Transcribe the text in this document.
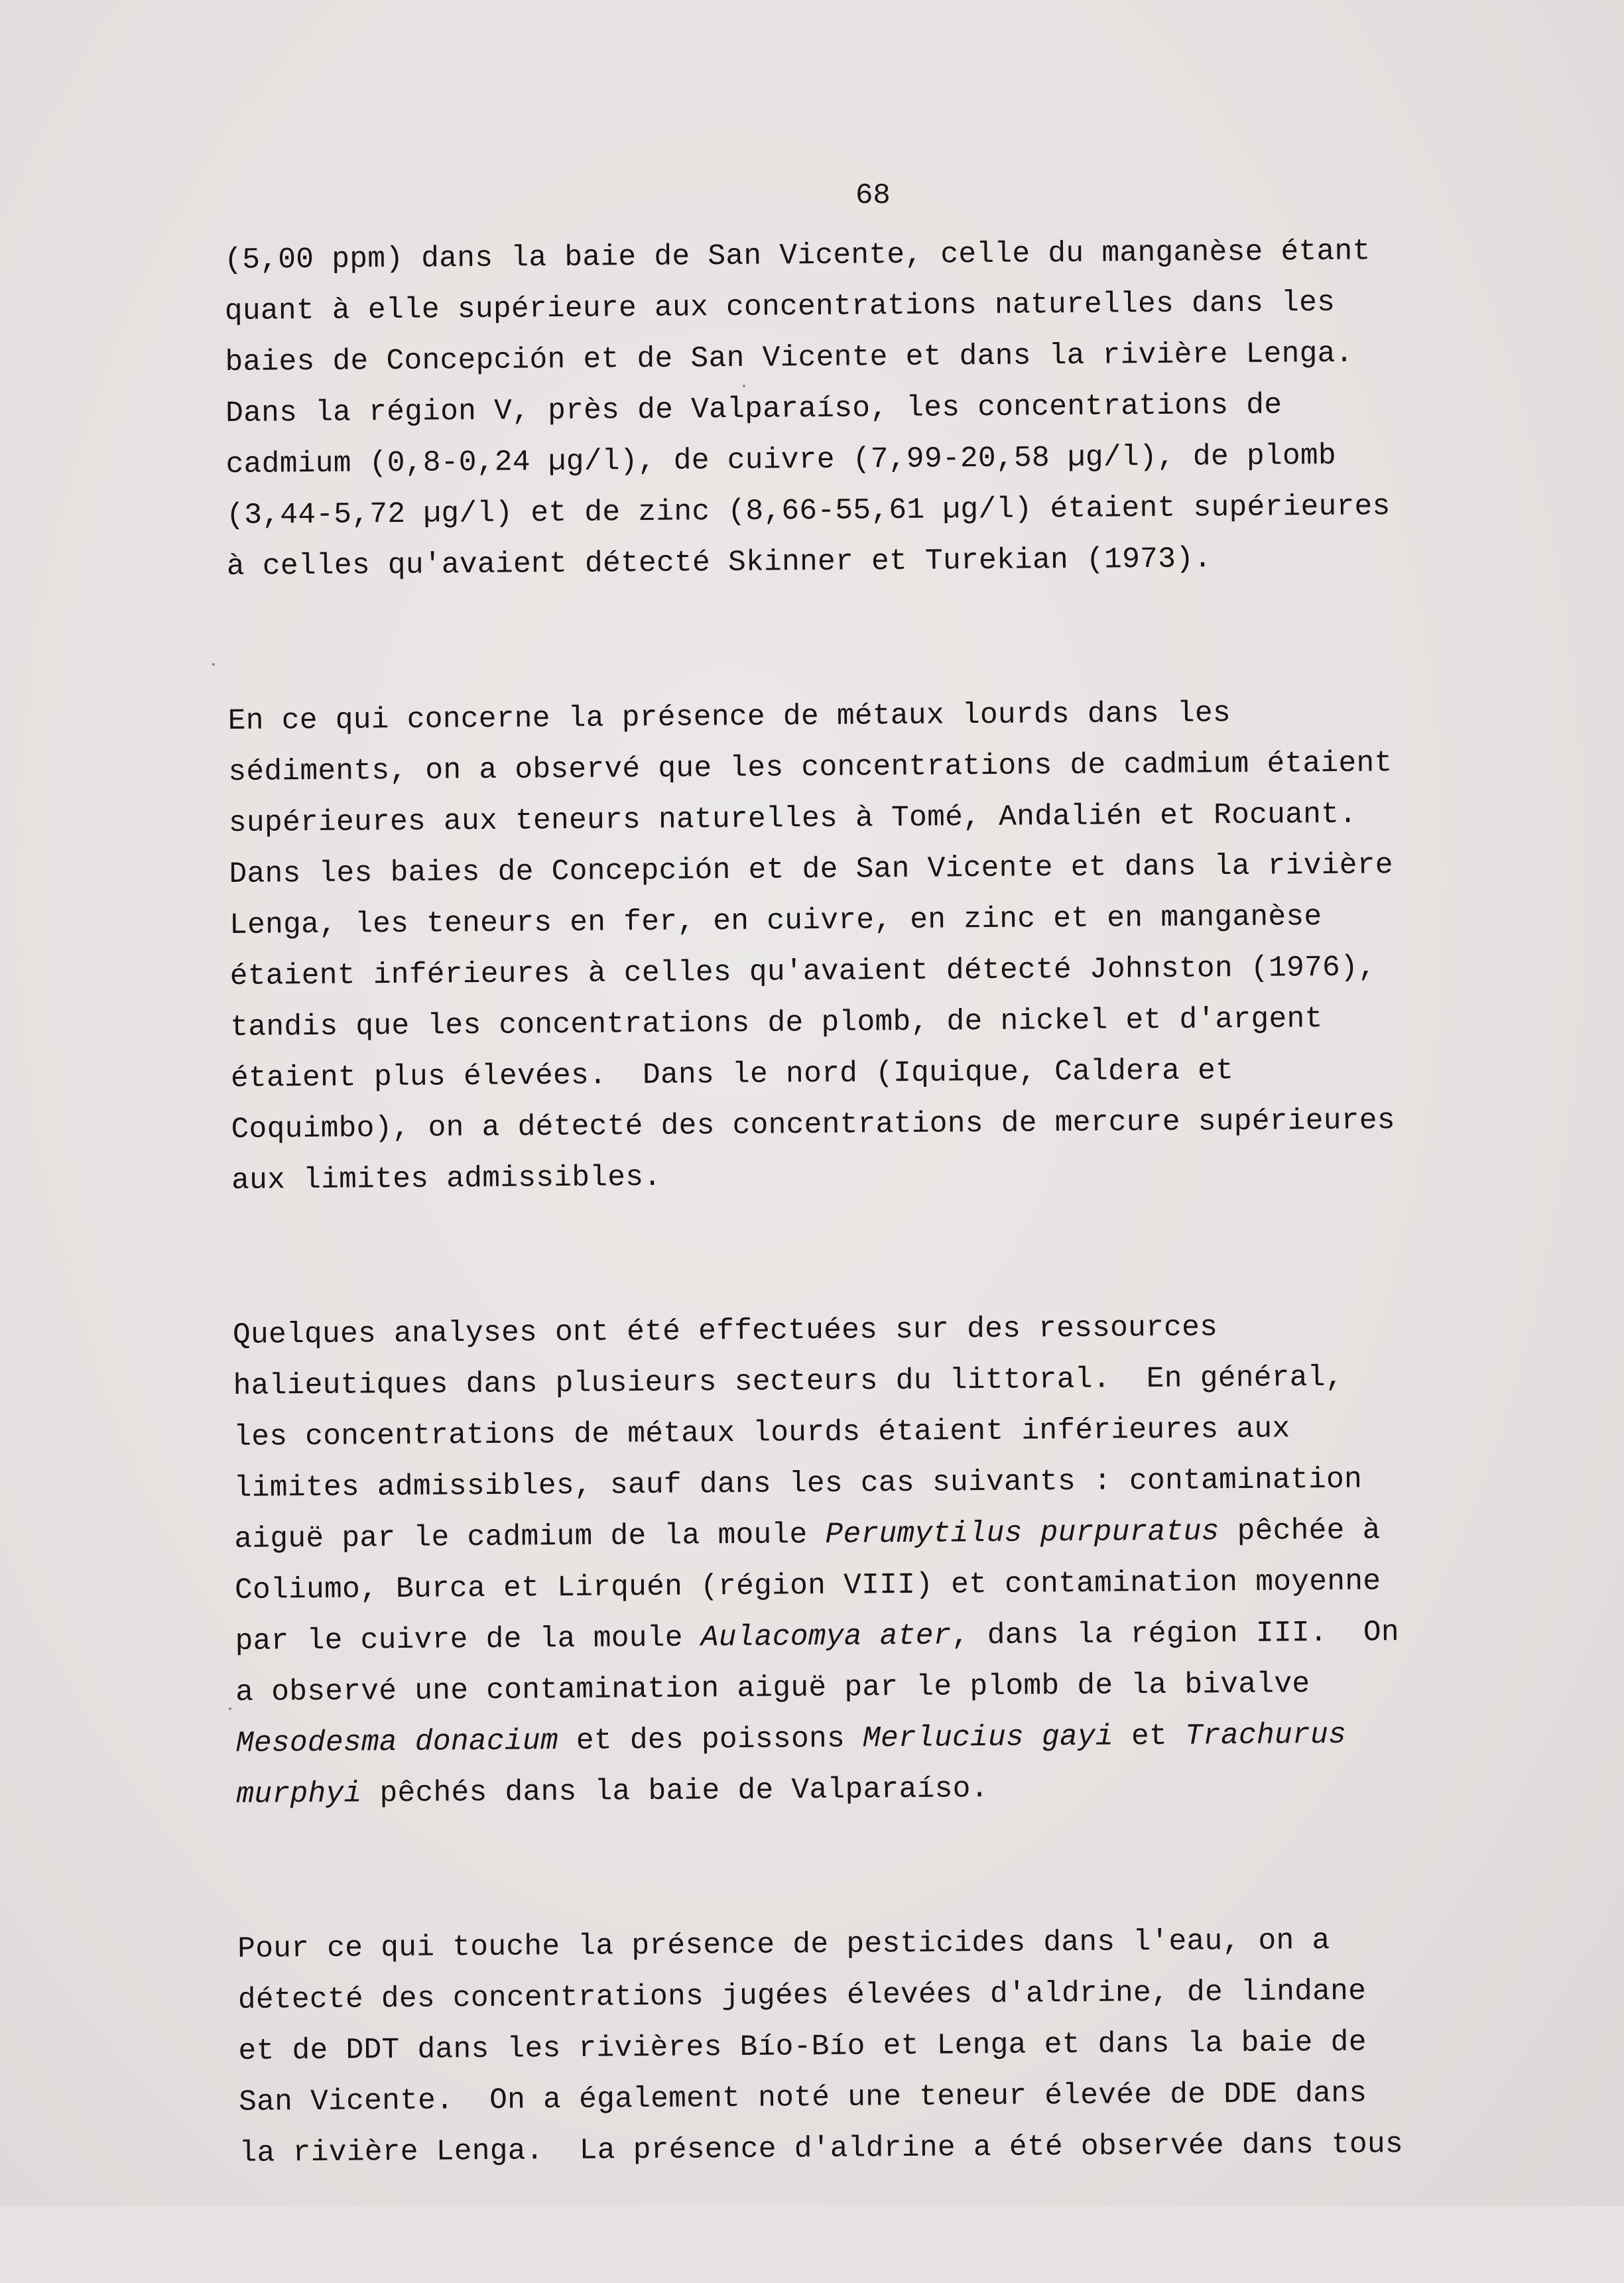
68
(5,00 ppm) dans la baie de San Vicente, celle du manganèse étant
quant à elle supérieure aux concentrations naturelles dans les
baies de Concepción et de San Vicente et dans la rivière Lenga.
Dans la région V, près de Valparaíso, les concentrations de
cadmium (0,8-0,24 µg/l), de cuivre (7,99-20,58 µg/l), de plomb
(3,44-5,72 µg/l) et de zinc (8,66-55,61 µg/l) étaient supérieures
à celles qu'avaient détecté Skinner et Turekian (1973).
En ce qui concerne la présence de métaux lourds dans les
sédiments, on a observé que les concentrations de cadmium étaient
supérieures aux teneurs naturelles à Tomé, Andalién et Rocuant.
Dans les baies de Concepción et de San Vicente et dans la rivière
Lenga, les teneurs en fer, en cuivre, en zinc et en manganèse
étaient inférieures à celles qu'avaient détecté Johnston (1976),
tandis que les concentrations de plomb, de nickel et d'argent
étaient plus élevées.  Dans le nord (Iquique, Caldera et
Coquimbo), on a détecté des concentrations de mercure supérieures
aux limites admissibles.
Quelques analyses ont été effectuées sur des ressources
halieutiques dans plusieurs secteurs du littoral.  En général,
les concentrations de métaux lourds étaient inférieures aux
limites admissibles, sauf dans les cas suivants : contamination
aiguë par le cadmium de la moule Perumytilus purpuratus pêchée à
Coliumo, Burca et Lirquén (région VIII) et contamination moyenne
par le cuivre de la moule Aulacomya ater, dans la région III.  On
a observé une contamination aiguë par le plomb de la bivalve
Mesodesma donacium et des poissons Merlucius gayi et Trachurus
murphyi pêchés dans la baie de Valparaíso.
Pour ce qui touche la présence de pesticides dans l'eau, on a
détecté des concentrations jugées élevées d'aldrine, de lindane
et de DDT dans les rivières Bío-Bío et Lenga et dans la baie de
San Vicente.  On a également noté une teneur élevée de DDE dans
la rivière Lenga.  La présence d'aldrine a été observée dans tous
